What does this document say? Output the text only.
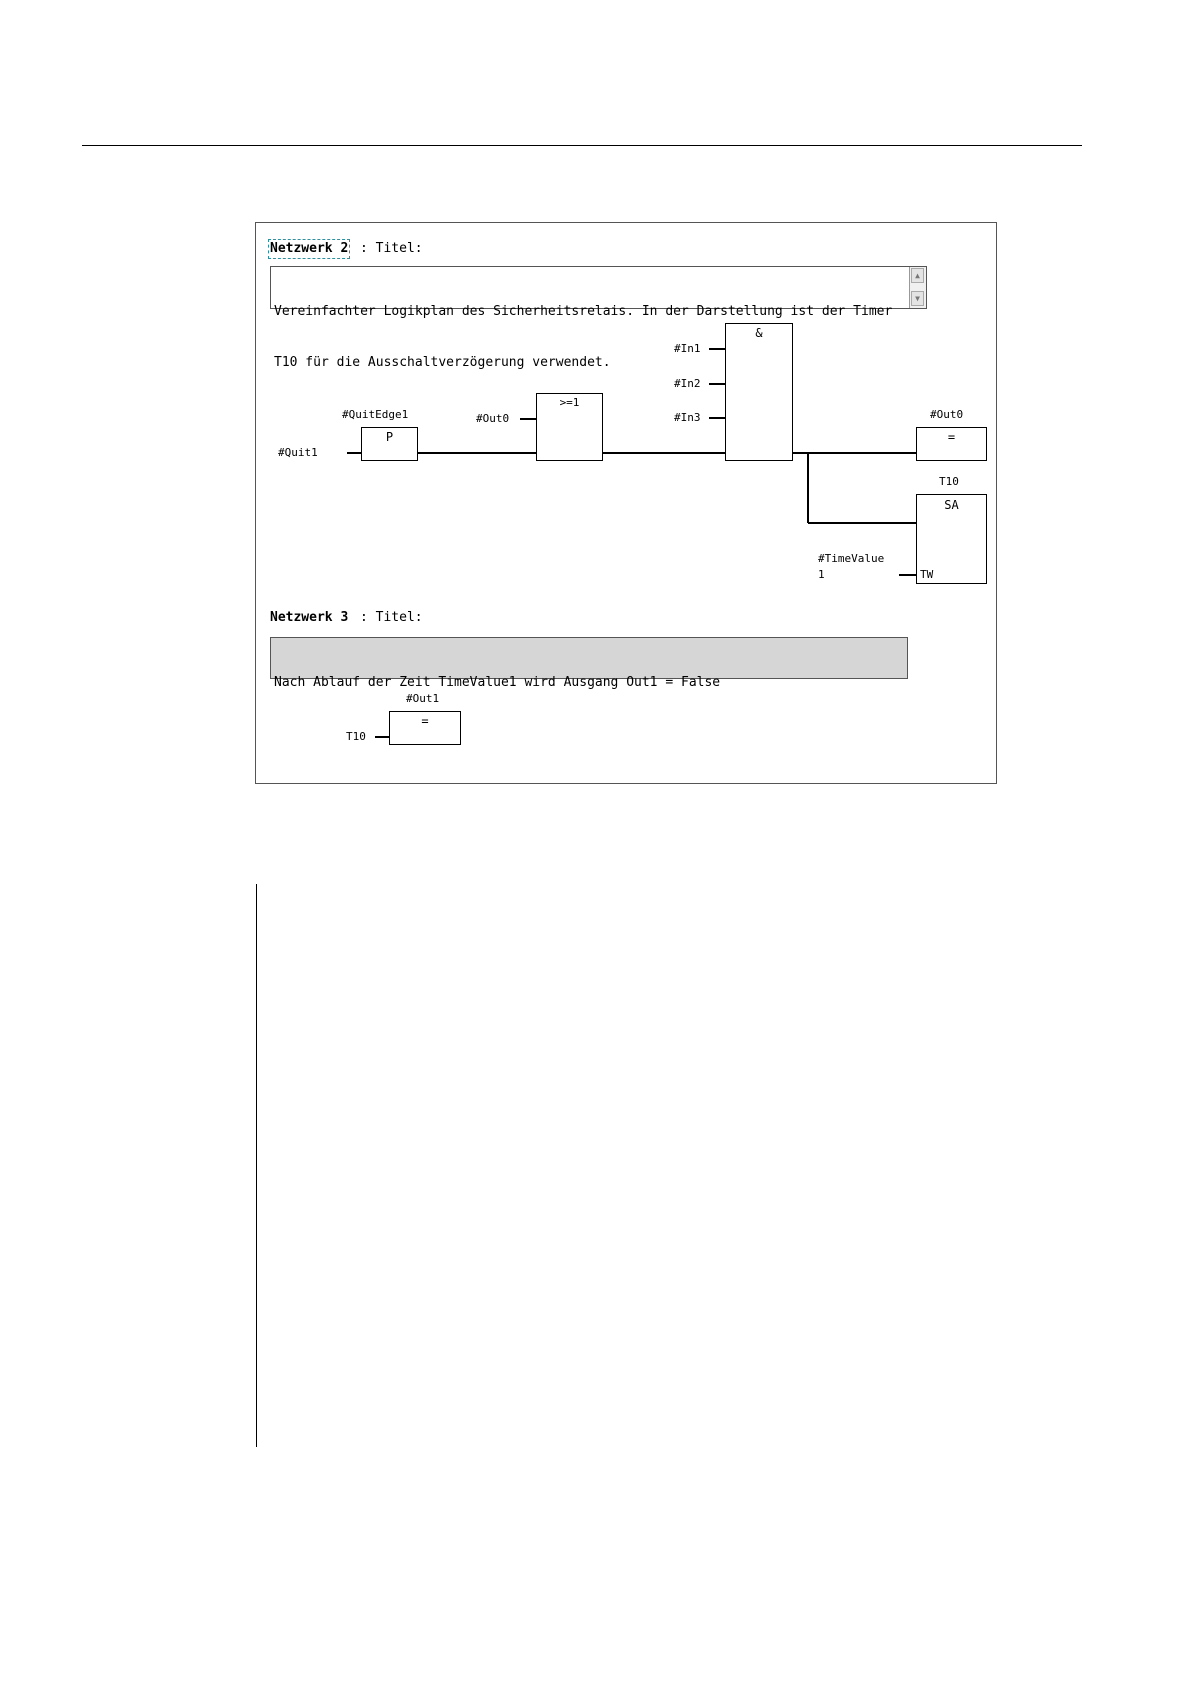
Netzwerk 2 : Titel:

Vereinfachter Logikplan des Sicherheitsrelais. In der Darstellung ist der Timer

T10 für die Ausschaltverzögerung verwendet.

▲

▼

#Quit1
#QuitEdge1
P
#Out0
>=1
#In1
#In2
#In3
&
#Out0
=
T10
SA
TW
#TimeValue
1
Netzwerk 3 : Titel:

Nach Ablauf der Zeit TimeValue1 wird Ausgang Out1 = False

T10
#Out1
=
